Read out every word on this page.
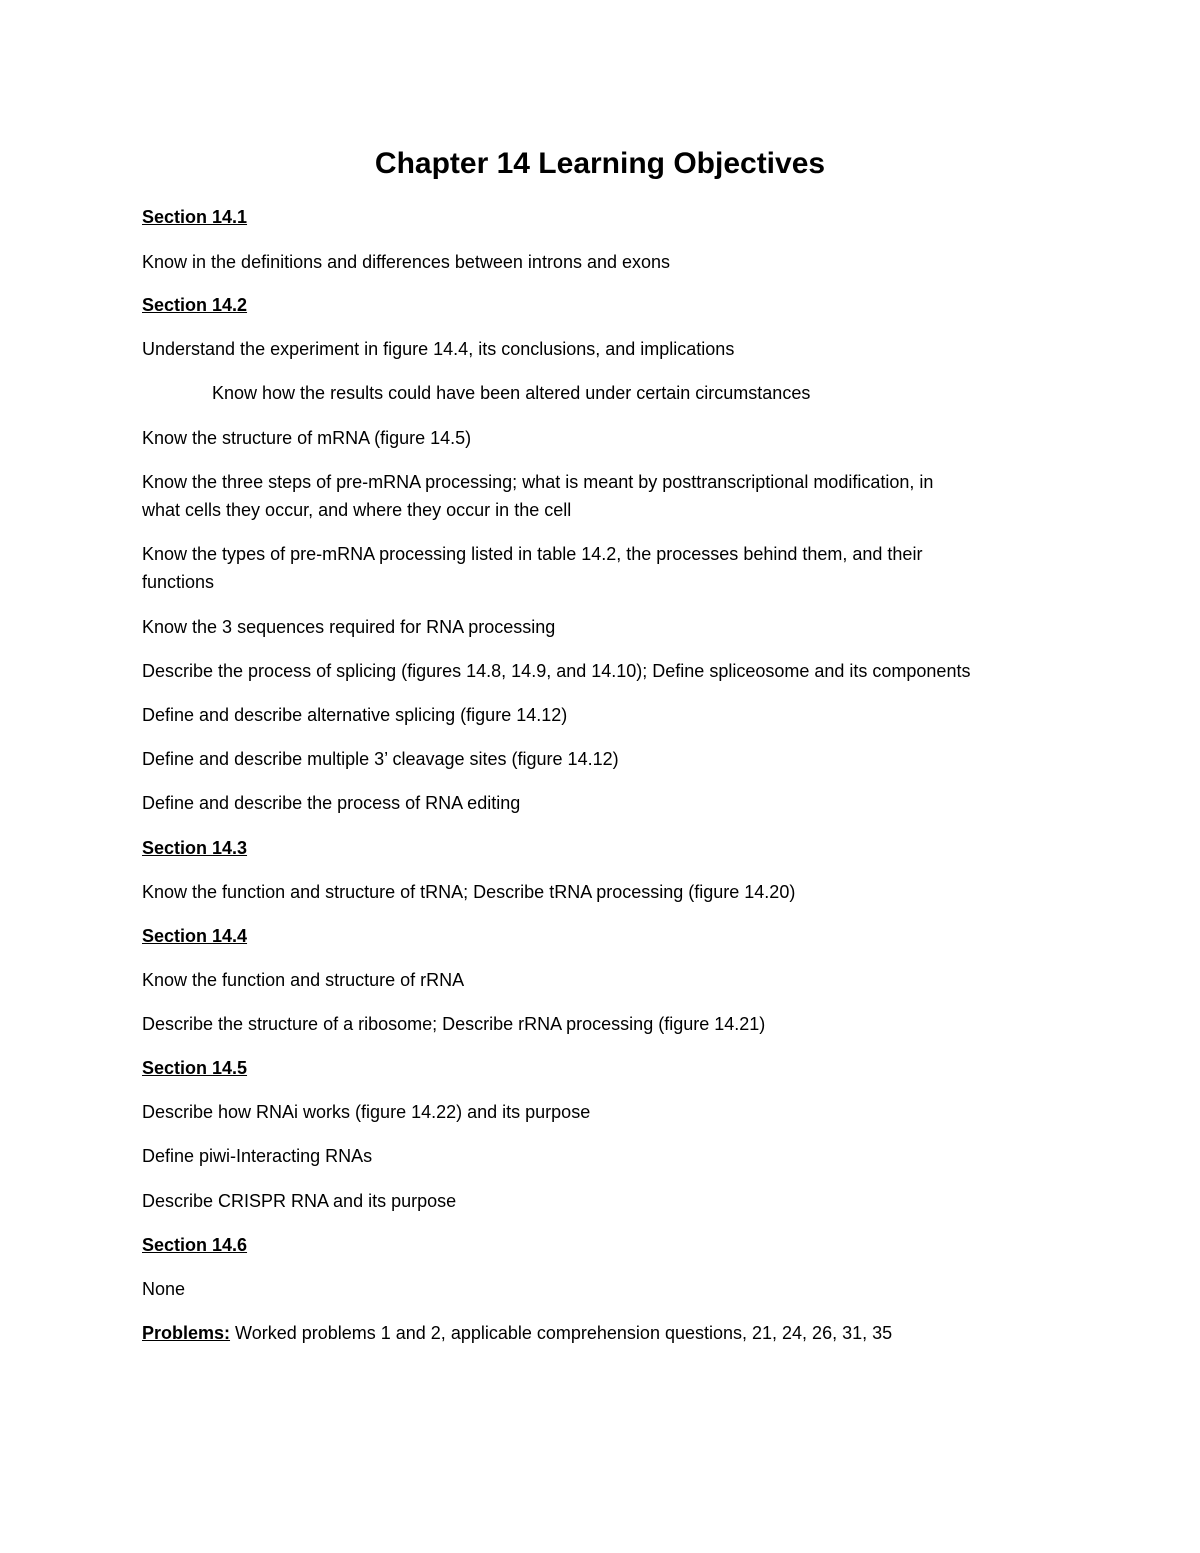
Chapter 14 Learning Objectives
Section 14.1
Know in the definitions and differences between introns and exons
Section 14.2
Understand the experiment in figure 14.4, its conclusions, and implications
Know how the results could have been altered under certain circumstances
Know the structure of mRNA (figure 14.5)
Know the three steps of pre-mRNA processing; what is meant by posttranscriptional modification, in
what cells they occur, and where they occur in the cell
Know the types of pre-mRNA processing listed in table 14.2, the processes behind them, and their
functions
Know the 3 sequences required for RNA processing
Describe the process of splicing (figures 14.8, 14.9, and 14.10); Define spliceosome and its components
Define and describe alternative splicing (figure 14.12)
Define and describe multiple 3’ cleavage sites (figure 14.12)
Define and describe the process of RNA editing
Section 14.3
Know the function and structure of tRNA; Describe tRNA processing (figure 14.20)
Section 14.4
Know the function and structure of rRNA
Describe the structure of a ribosome; Describe rRNA processing (figure 14.21)
Section 14.5
Describe how RNAi works (figure 14.22) and its purpose
Define piwi-Interacting RNAs
Describe CRISPR RNA and its purpose
Section 14.6
None
Problems: Worked problems 1 and 2, applicable comprehension questions, 21, 24, 26, 31, 35
